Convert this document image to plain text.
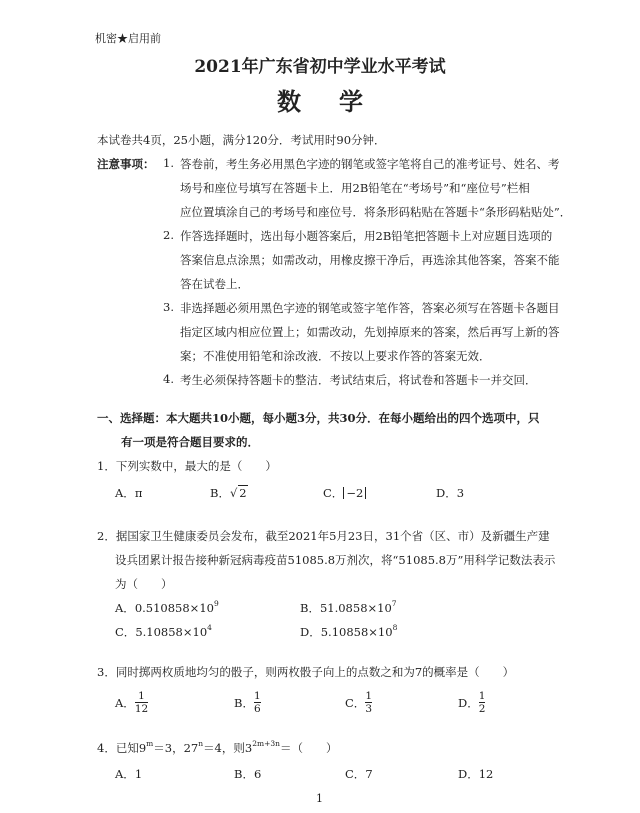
机密★启用前
2021年广东省初中学业水平考试
数学
本试卷共4页，25小题，满分120分．考试用时90分钟．
注意事项： 1. 答卷前，考生务必用黑色字迹的钢笔或签字笔将自己的准考证号、姓名、考
场号和座位号填写在答题卡上．用2B铅笔在“考场号”和“座位号”栏相
应位置填涂自己的考场号和座位号．将条形码粘贴在答题卡“条形码粘贴处”．
2. 作答选择题时，选出每小题答案后，用2B铅笔把答题卡上对应题目选项的
答案信息点涂黑；如需改动，用橡皮擦干净后，再选涂其他答案，答案不能
答在试卷上．
3. 非选择题必须用黑色字迹的钢笔或签字笔作答，答案必须写在答题卡各题目
指定区域内相应位置上；如需改动，先划掉原来的答案，然后再写上新的答
案；不准使用铅笔和涂改液．不按以上要求作答的答案无效．
4. 考生必须保持答题卡的整洁．考试结束后，将试卷和答题卡一并交回．
一、选择题：本大题共10小题，每小题3分，共30分．在每小题给出的四个选项中，只
有一项是符合题目要求的．
1．下列实数中，最大的是（　　）
A．π	B．√ 2	C． −2	D．3
2．据国家卫生健康委员会发布，截至2021年5月23日，31个省（区、市）及新疆生产建
设兵团累计报告接种新冠病毒疫苗51085.8万剂次，将“51085.8万”用科学记数法表示
为（　　）
A．$0.510858\times 10^9$	B．$51.0858\times 10^7$
C．$5.10858\times 10^4$	D．$5.10858\times 10^8$
3．同时掷两枚质地均匀的骰子，则两枚骰子向上的点数之和为7的概率是（　　）
A． $\frac{1}{12}$	B． $\frac{1}{6}$	C． $\frac{1}{3}$	D． $\frac{1}{2}$
4．已知$9^m=3$，$27^n=4$，则$3^{2m+3n}=$（　　）
A．1	B．6	C．7	D．12
1
